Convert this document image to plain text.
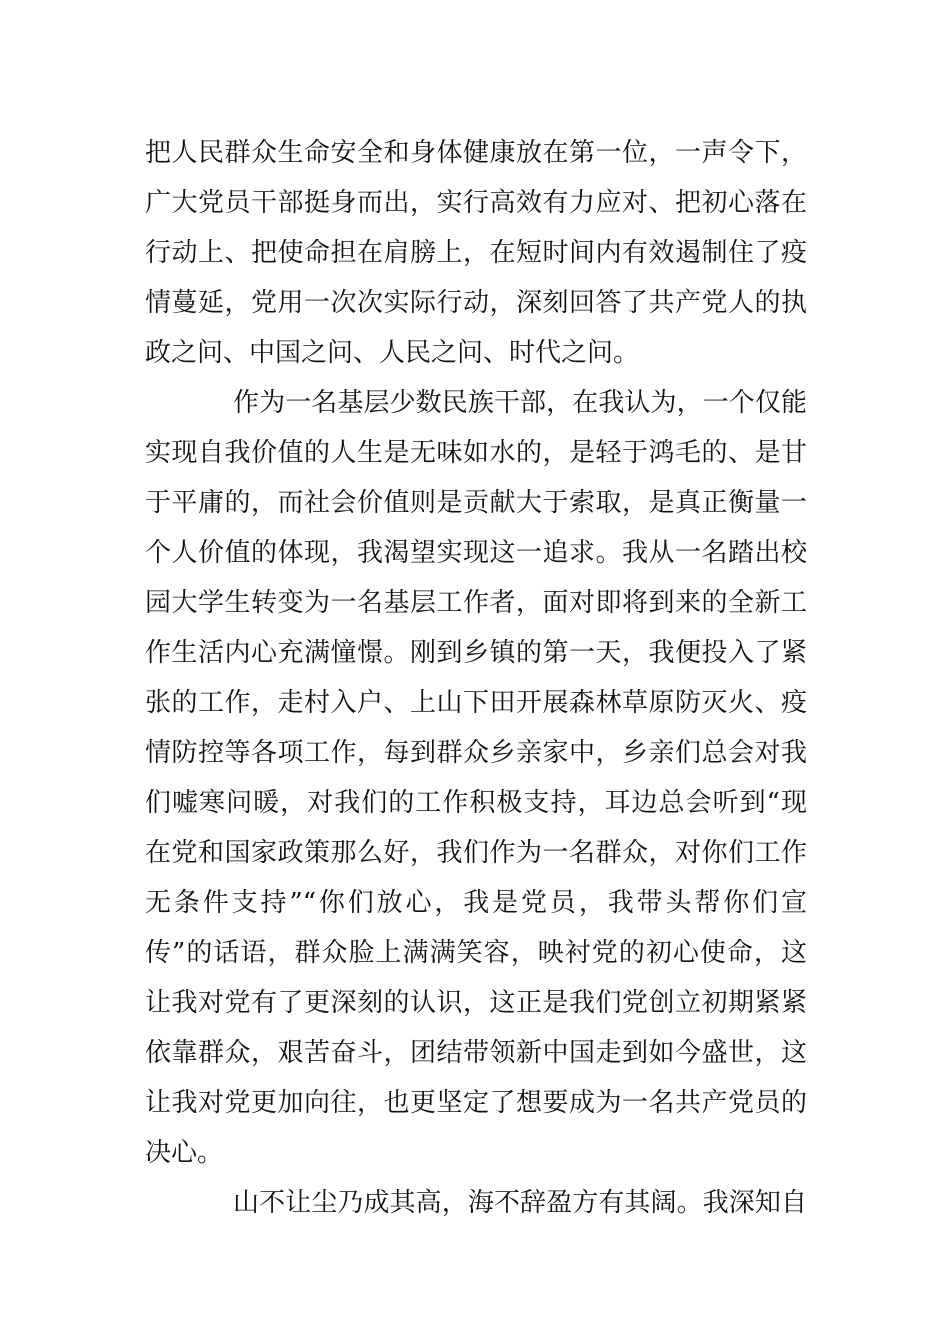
把人民群众生命安全和身体健康放在第一位，一声令下，
广大党员干部挺身而出，实行高效有力应对、把初心落在
行动上、把使命担在肩膀上，在短时间内有效遏制住了疫
情蔓延，党用一次次实际行动，深刻回答了共产党人的执
政之问、中国之问、人民之问、时代之问。
作为一名基层少数民族干部，在我认为，一个仅能
实现自我价值的人生是无味如水的，是轻于鸿毛的、是甘
于平庸的，而社会价值则是贡献大于索取，是真正衡量一
个人价值的体现，我渴望实现这一追求。我从一名踏出校
园大学生转变为一名基层工作者，面对即将到来的全新工
作生活内心充满憧憬。刚到乡镇的第一天，我便投入了紧
张的工作，走村入户、上山下田开展森林草原防灭火、疫
情防控等各项工作，每到群众乡亲家中，乡亲们总会对我
们嘘寒问暖，对我们的工作积极支持，耳边总会听到“现
在党和国家政策那么好，我们作为一名群众，对你们工作
无条件支持”“你们放心，我是党员，我带头帮你们宣
传”的话语，群众脸上满满笑容，映衬党的初心使命，这
让我对党有了更深刻的认识，这正是我们党创立初期紧紧
依靠群众，艰苦奋斗，团结带领新中国走到如今盛世，这
让我对党更加向往，也更坚定了想要成为一名共产党员的
决心。
山不让尘乃成其高，海不辞盈方有其阔。我深知自
